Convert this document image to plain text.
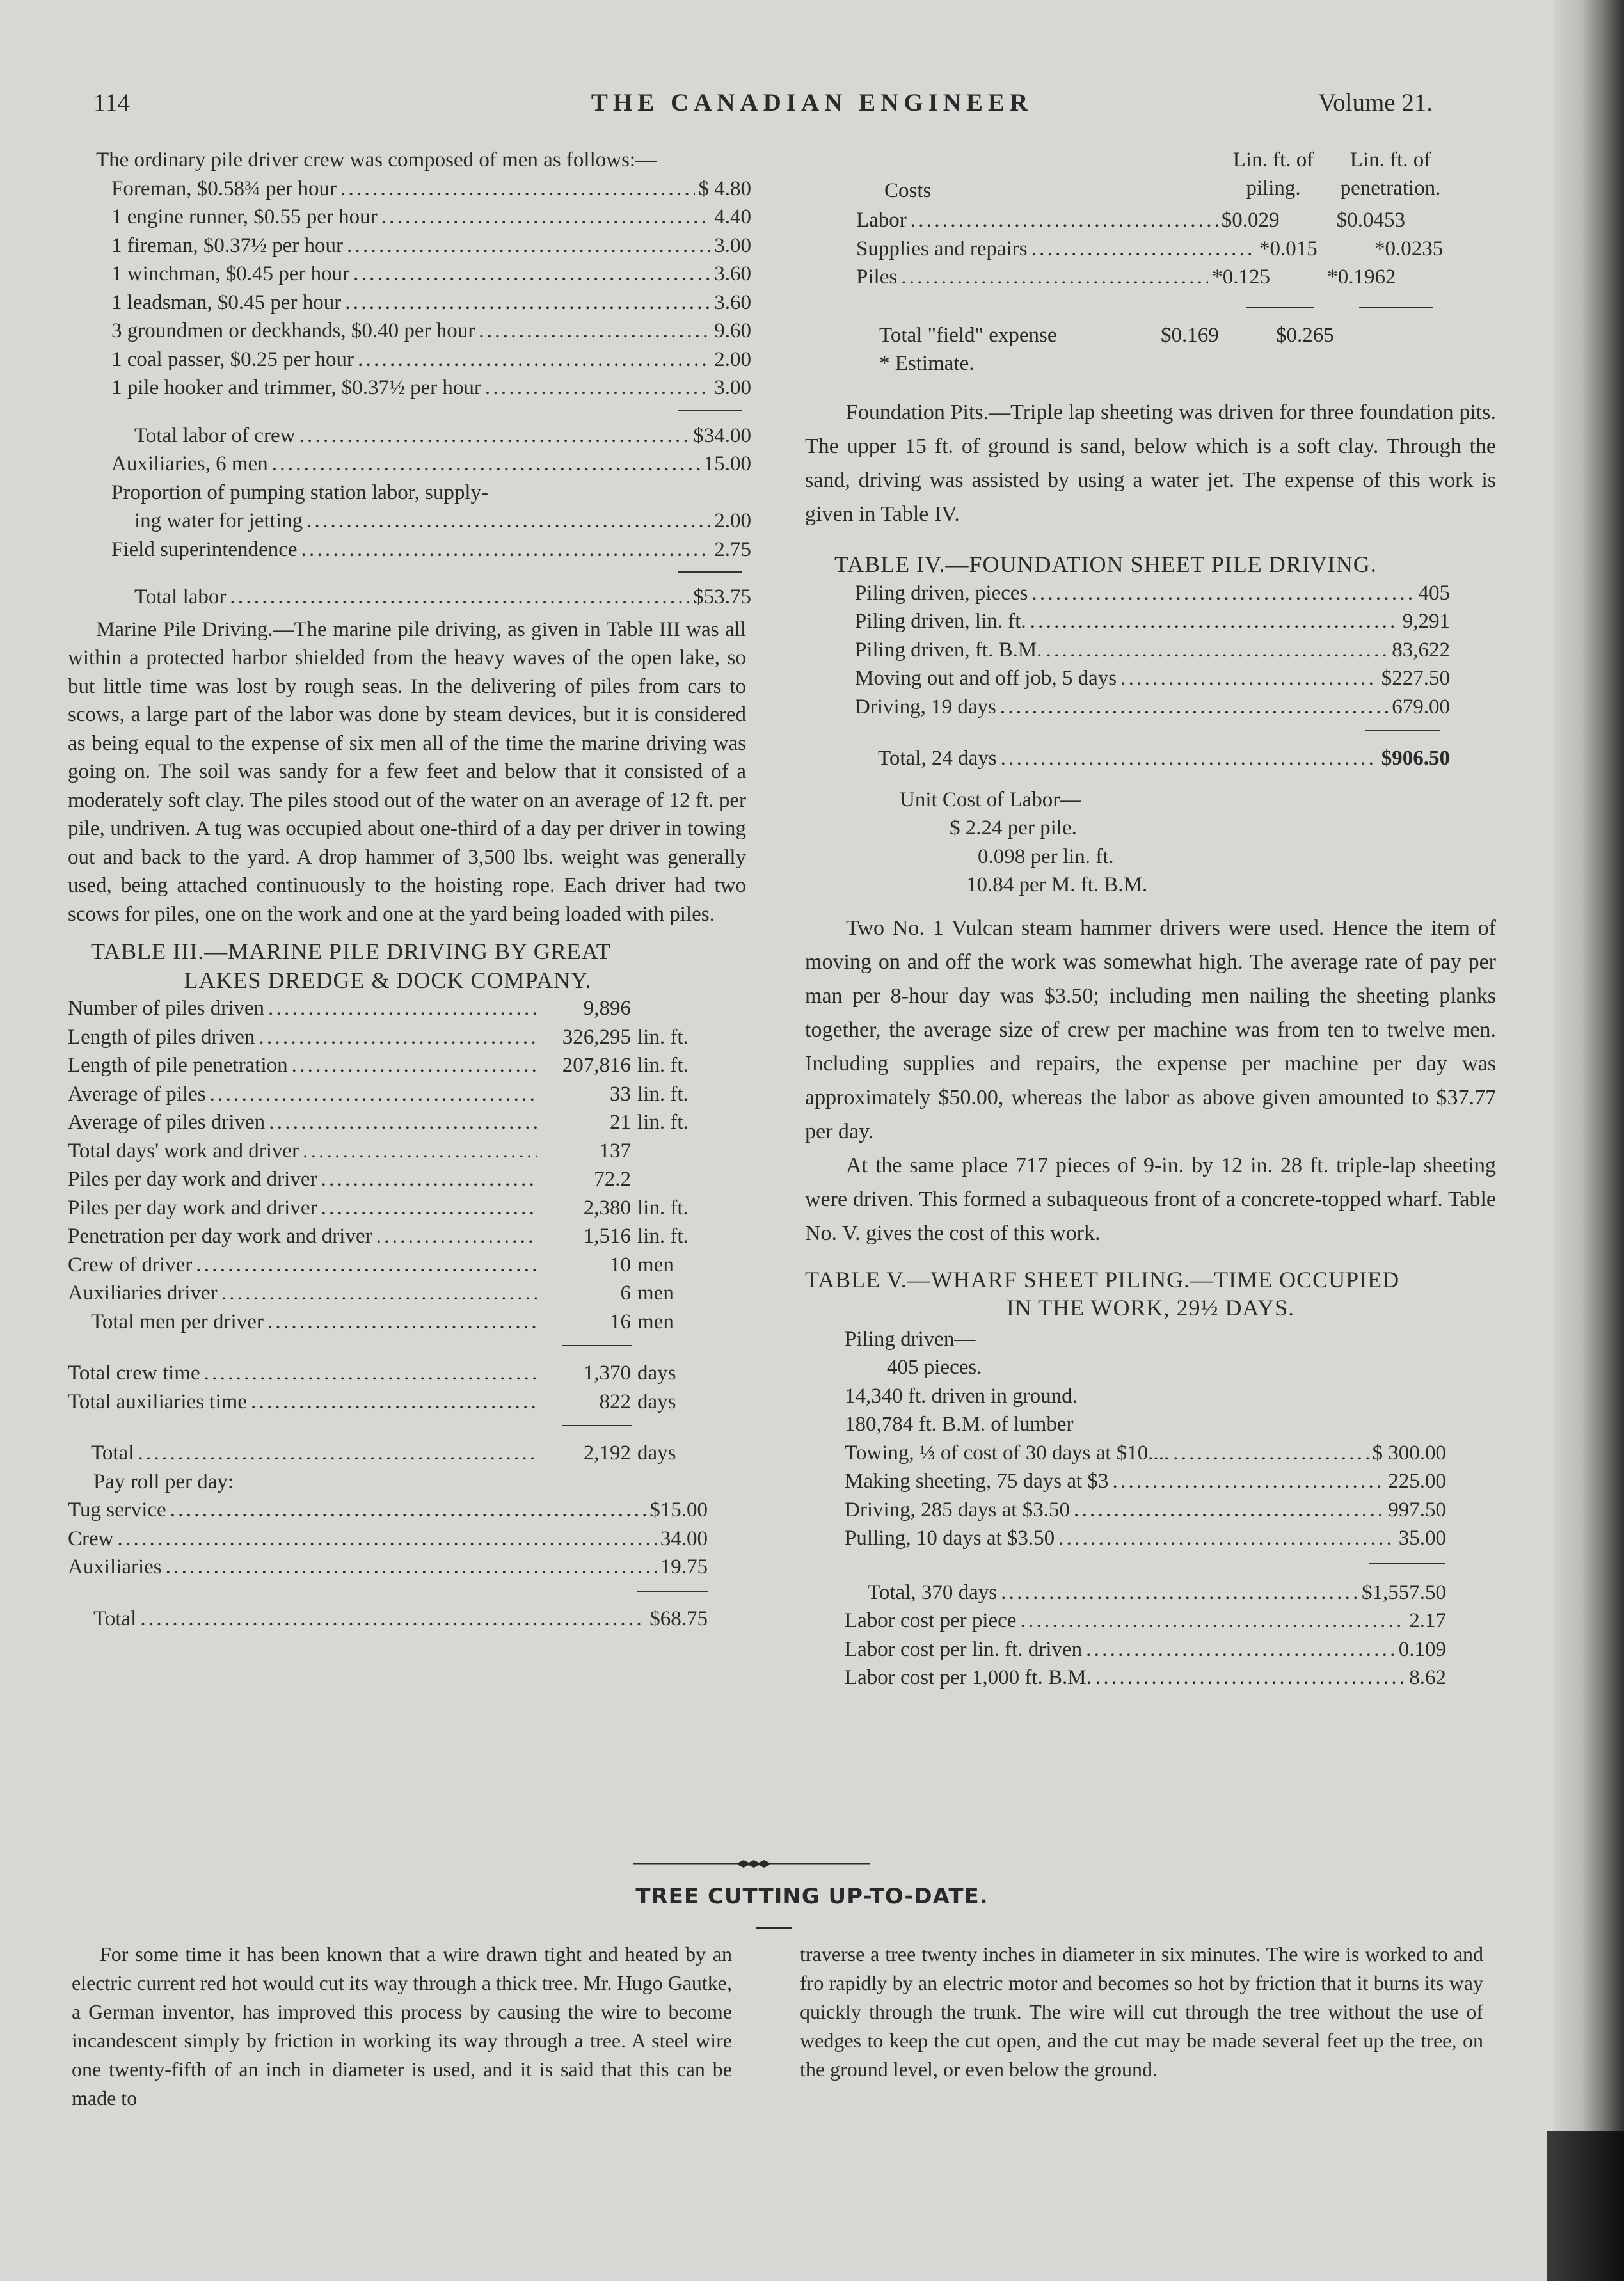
114	THE CANADIAN ENGINEER	Volume 21.

The ordinary pile driver crew was composed of men as follows:—

Foreman, $0.58¾ per hour . . .	$ 4.80
1 engine runner, $0.55 per hour . . .	4.40
1 fireman, $0.37½ per hour . . .	3.00
1 winchman, $0.45 per hour . . .	3.60
1 leadsman, $0.45 per hour . . .	3.60
3 groundmen or deckhands, $0.40 per hour . . .	9.60
1 coal passer, $0.25 per hour . . .	2.00
1 pile hooker and trimmer, $0.37½ per hour . . .	3.00
Total labor of crew . . .	$34.00
Auxiliaries, 6 men . . .	15.00
Proportion of pumping station labor, supply-
ing water for jetting . . .	2.00
Field superintendence . . .	2.75
Total labor . . .	$53.75

Marine Pile Driving.—The marine pile driving, as given in Table III was all within a protected harbor shielded from the heavy waves of the open lake, so but little time was lost by rough seas. In the delivering of piles from cars to scows, a large part of the labor was done by steam devices, but it is considered as being equal to the expense of six men all of the time the marine driving was going on. The soil was sandy for a few feet and below that it consisted of a moderately soft clay. The piles stood out of the water on an average of 12 ft. per pile, undriven. A tug was occupied about one-third of a day per driver in towing out and back to the yard. A drop hammer of 3,500 lbs. weight was generally used, being attached continuously to the hoisting rope. Each driver had two scows for piles, one on the work and one at the yard being loaded with piles.

TABLE III.—MARINE PILE DRIVING BY GREAT
LAKES DREDGE & DOCK COMPANY.
Number of piles driven . . .	9,896
Length of piles driven . . .	326,295 lin. ft.
Length of pile penetration . . .	207,816 lin. ft.
Average of piles . . .	33 lin. ft.
Average of piles driven . . .	21 lin. ft.
Total days' work and driver . . .	137
Piles per day work and driver . . .	72.2
Piles per day work and driver . . .	2,380 lin. ft.
Penetration per day work and driver . . .	1,516 lin. ft.
Crew of driver . . .	10 men
Auxiliaries driver . . .	6 men
Total men per driver . . .	16 men
Total crew time . . .	1,370 days
Total auxiliaries time . . .	822 days
Total . . .	2,192 days
Pay roll per day:
Tug service . . .	$15.00
Crew . . .	34.00
Auxiliaries . . .	19.75
Total . . .	$68.75
Lin. ft. of
piling.
Lin. ft. of
penetration.
Costs
Labor . . .	$0.029	$0.0453
Supplies and repairs . . .	*0.015	*0.0235
Piles . . .	*0.125	*0.1962
Total "field" expense	$0.169	$0.265
* Estimate.

Foundation Pits.—Triple lap sheeting was driven for three foundation pits. The upper 15 ft. of ground is sand, below which is a soft clay. Through the sand, driving was assisted by using a water jet. The expense of this work is given in Table IV.

TABLE IV.—FOUNDATION SHEET PILE DRIVING.
Piling driven, pieces . . .	405
Piling driven, lin. ft. . . .	9,291
Piling driven, ft. B.M. . . .	83,622
Moving out and off job, 5 days . . .	$227.50
Driving, 19 days . . .	679.00
Total, 24 days . . .	$906.50
Unit Cost of Labor—
$ 2.24 per pile.
0.098 per lin. ft.
10.84 per M. ft. B.M.

Two No. 1 Vulcan steam hammer drivers were used. Hence the item of moving on and off the work was somewhat high. The average rate of pay per man per 8-hour day was $3.50; including men nailing the sheeting planks together, the average size of crew per machine was from ten to twelve men. Including supplies and repairs, the expense per machine per day was approximately $50.00, whereas the labor as above given amounted to $37.77 per day.

At the same place 717 pieces of 9-in. by 12 in. 28 ft. triple-lap sheeting were driven. This formed a subaqueous front of a concrete-topped wharf. Table No. V. gives the cost of this work.

TABLE V.—WHARF SHEET PILING.—TIME OCCUPIED
IN THE WORK, 29½ DAYS.
Piling driven—
405 pieces.
14,340 ft. driven in ground.
180,784 ft. B.M. of lumber
Towing, ⅓ of cost of 30 days at $10.... . . .	$ 300.00
Making sheeting, 75 days at $3 . . .	225.00
Driving, 285 days at $3.50 . . .	997.50
Pulling, 10 days at $3.50 . . .	35.00
Total, 370 days . . .	$1,557.50
Labor cost per piece . . .	2.17
Labor cost per lin. ft. driven . . .	0.109
Labor cost per 1,000 ft. B.M. . . .	8.62
TREE CUTTING UP-TO-DATE.

For some time it has been known that a wire drawn tight and heated by an electric current red hot would cut its way through a thick tree. Mr. Hugo Gautke, a German inventor, has improved this process by causing the wire to become incandescent simply by friction in working its way through a tree. A steel wire one twenty-fifth of an inch in diameter is used, and it is said that this can be made to

traverse a tree twenty inches in diameter in six minutes. The wire is worked to and fro rapidly by an electric motor and becomes so hot by friction that it burns its way quickly through the trunk. The wire will cut through the tree without the use of wedges to keep the cut open, and the cut may be made several feet up the tree, on the ground level, or even below the ground.
